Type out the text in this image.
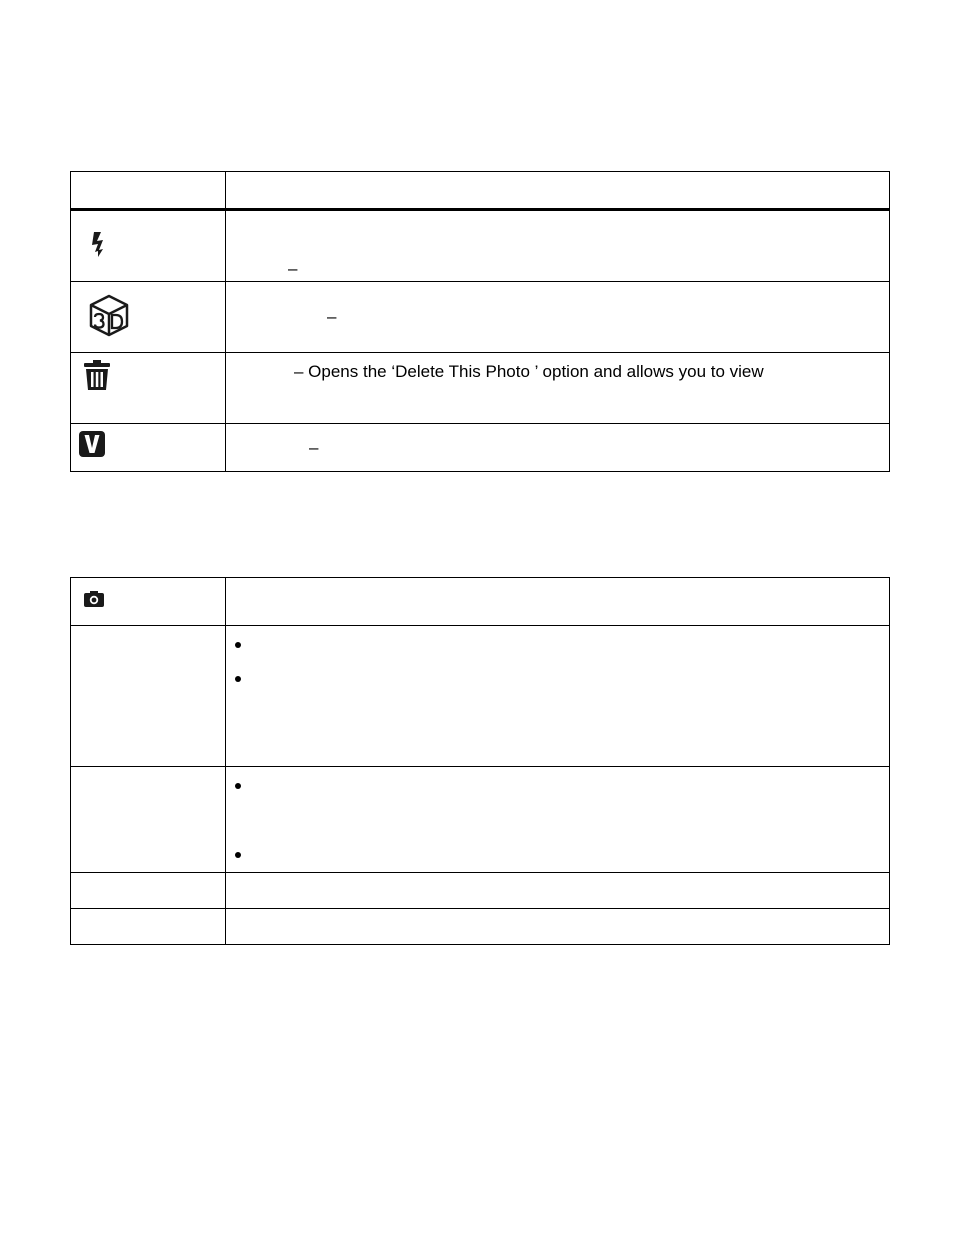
–

–

– Opens the ‘Delete This Photo ’ option and allows you to view

–
